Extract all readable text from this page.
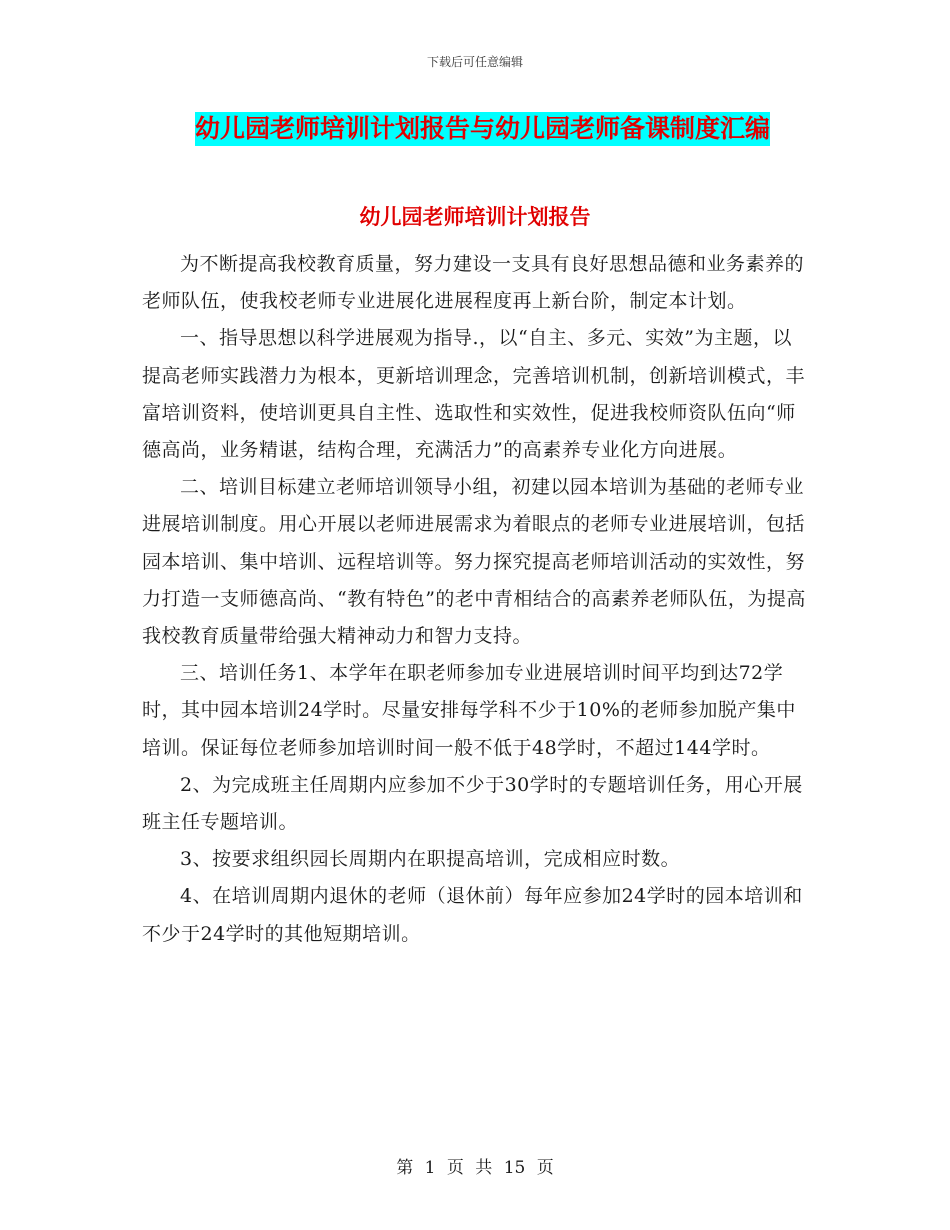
下载后可任意编辑
幼儿园老师培训计划报告与幼儿园老师备课制度汇编
幼儿园老师培训计划报告

为不断提高我校教育质量，努力建设一支具有良好思想品德和业务素养的老师队伍，使我校老师专业进展化进展程度再上新台阶，制定本计划。

一、指导思想以科学进展观为指导.，以“自主、多元、实效”为主题，以提高老师实践潜力为根本，更新培训理念，完善培训机制，创新培训模式，丰富培训资料，使培训更具自主性、选取性和实效性，促进我校师资队伍向“师德高尚，业务精谌，结构合理，充满活力”的高素养专业化方向进展。

二、培训目标建立老师培训领导小组，初建以园本培训为基础的老师专业进展培训制度。用心开展以老师进展需求为着眼点的老师专业进展培训，包括园本培训、集中培训、远程培训等。努力探究提高老师培训活动的实效性，努力打造一支师德高尚、“教有特色”的老中青相结合的高素养老师队伍，为提高我校教育质量带给强大精神动力和智力支持。

三、培训任务1、本学年在职老师参加专业进展培训时间平均到达72学时，其中园本培训24学时。尽量安排每学科不少于10%的老师参加脱产集中培训。保证每位老师参加培训时间一般不低于48学时，不超过144学时。

2、为完成班主任周期内应参加不少于30学时的专题培训任务，用心开展班主任专题培训。

3、按要求组织园长周期内在职提高培训，完成相应时数。

4、在培训周期内退休的老师（退休前）每年应参加24学时的园本培训和不少于24学时的其他短期培训。

第 1 页 共 15 页
